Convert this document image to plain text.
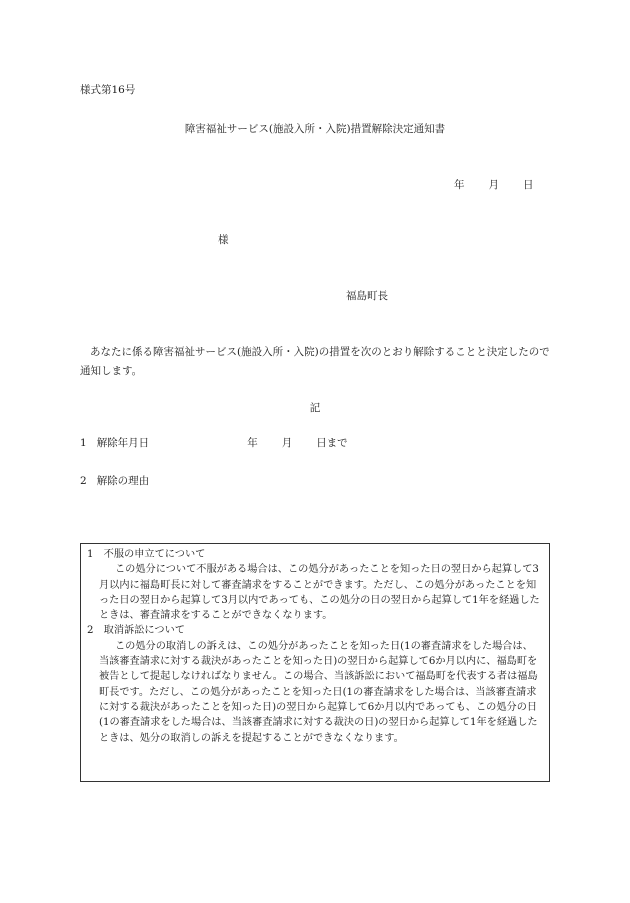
様式第16号
障害福祉サービス(施設入所・入院)措置解除決定通知書
年 月 日
様
福島町長
あなたに係る障害福祉サービス(施設入所・入院)の措置を次のとおり解除することと決定したので通知します。
記
1 解除年月日	年 月 日まで
2 解除の理由
1　不服の申立てについて
この処分について不服がある場合は、この処分があったことを知った日の翌日から起算して3月以内に福島町長に対して審査請求をすることができます。ただし、この処分があったことを知った日の翌日から起算して3月以内であっても、この処分の日の翌日から起算して1年を経過したときは、審査請求をすることができなくなります。
2　取消訴訟について
この処分の取消しの訴えは、この処分があったことを知った日(1の審査請求をした場合は、当該審査請求に対する裁決があったことを知った日)の翌日から起算して6か月以内に、福島町を被告として提起しなければなりません。この場合、当該訴訟において福島町を代表する者は福島町長です。ただし、この処分があったことを知った日(1の審査請求をした場合は、当該審査請求に対する裁決があったことを知った日)の翌日から起算して6か月以内であっても、この処分の日(1の審査請求をした場合は、当該審査請求に対する裁決の日)の翌日から起算して1年を経過したときは、処分の取消しの訴えを提起することができなくなります。
